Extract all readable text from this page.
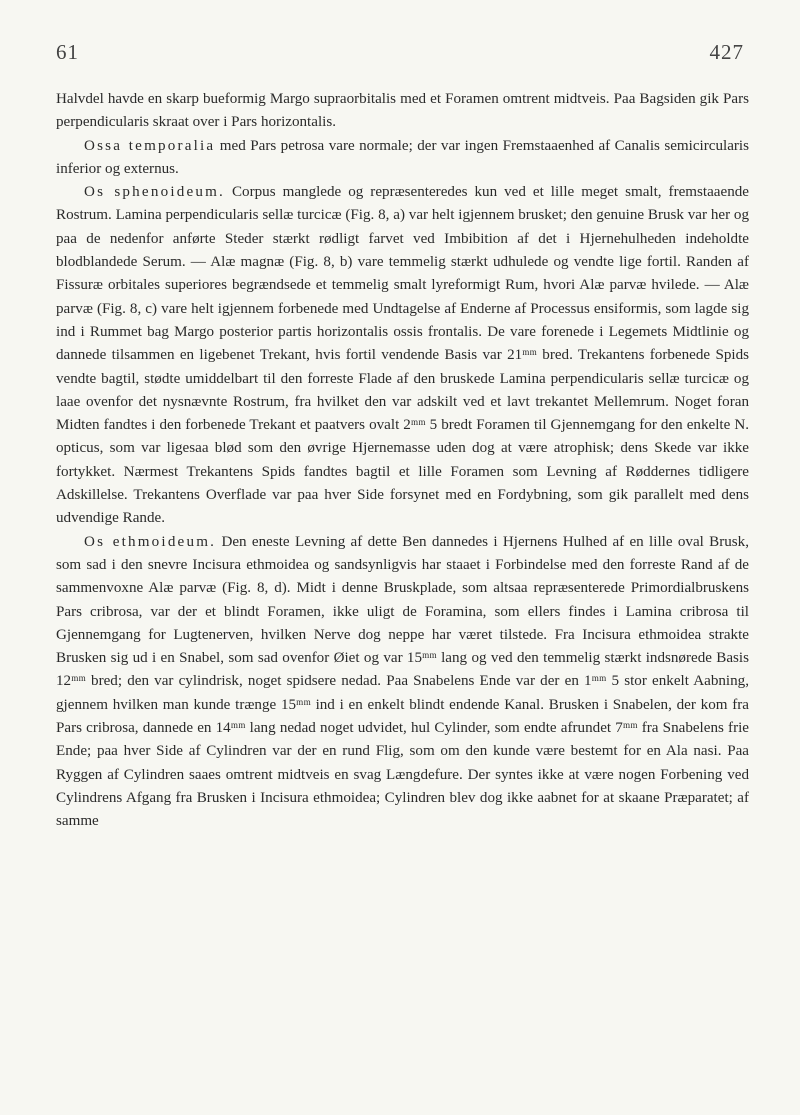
61	427

Halvdel havde en skarp bueformig Margo supraorbitalis med et Foramen omtrent midtveis. Paa Bagsiden gik Pars perpendicularis skraat over i Pars horizontalis.

Ossa temporalia med Pars petrosa vare normale; der var ingen Fremstaaenhed af Canalis semicircularis inferior og externus.

Os sphenoideum. Corpus manglede og repræsenteredes kun ved et lille meget smalt, fremstaaende Rostrum. Lamina perpendicularis sellæ turcicæ (Fig. 8, a) var helt igjennem brusket; den genuine Brusk var her og paa de nedenfor anførte Steder stærkt rødligt farvet ved Imbibition af det i Hjernehulheden indeholdte blodblandede Serum. — Alæ magnæ (Fig. 8, b) vare temmelig stærkt udhulede og vendte lige fortil. Randen af Fissuræ orbitales superiores begrændsede et temmelig smalt lyreformigt Rum, hvori Alæ parvæ hvilede. — Alæ parvæ (Fig. 8, c) vare helt igjennem forbenede med Undtagelse af Enderne af Processus ensiformis, som lagde sig ind i Rummet bag Margo posterior partis horizontalis ossis frontalis. De vare forenede i Legemets Midtlinie og dannede tilsammen en ligebenet Trekant, hvis fortil vendende Basis var 21ᵐᵐ bred. Trekantens forbenede Spids vendte bagtil, stødte umiddelbart til den forreste Flade af den bruskede Lamina perpendicularis sellæ turcicæ og laae ovenfor det nysnævnte Rostrum, fra hvilket den var adskilt ved et lavt trekantet Mellemrum. Noget foran Midten fandtes i den forbenede Trekant et paatvers ovalt 2ᵐᵐ 5 bredt Foramen til Gjennemgang for den enkelte N. opticus, som var ligesaa blød som den øvrige Hjernemasse uden dog at være atrophisk; dens Skede var ikke fortykket. Nærmest Trekantens Spids fandtes bagtil et lille Foramen som Levning af Røddernes tidligere Adskillelse. Trekantens Overflade var paa hver Side forsynet med en Fordybning, som gik parallelt med dens udvendige Rande.

Os ethmoideum. Den eneste Levning af dette Ben dannedes i Hjernens Hulhed af en lille oval Brusk, som sad i den snevre Incisura ethmoidea og sandsynligvis har staaet i Forbindelse med den forreste Rand af de sammenvoxne Alæ parvæ (Fig. 8, d). Midt i denne Bruskplade, som altsaa repræsenterede Primordialbruskens Pars cribrosa, var der et blindt Foramen, ikke uligt de Foramina, som ellers findes i Lamina cribrosa til Gjennemgang for Lugtenerven, hvilken Nerve dog neppe har været tilstede. Fra Incisura ethmoidea strakte Brusken sig ud i en Snabel, som sad ovenfor Øiet og var 15ᵐᵐ lang og ved den temmelig stærkt indsnørede Basis 12ᵐᵐ bred; den var cylindrisk, noget spidsere nedad. Paa Snabelens Ende var der en 1ᵐᵐ 5 stor enkelt Aabning, gjennem hvilken man kunde trænge 15ᵐᵐ ind i en enkelt blindt endende Kanal. Brusken i Snabelen, der kom fra Pars cribrosa, dannede en 14ᵐᵐ lang nedad noget udvidet, hul Cylinder, som endte afrundet 7ᵐᵐ fra Snabelens frie Ende; paa hver Side af Cylindren var der en rund Flig, som om den kunde være bestemt for en Ala nasi. Paa Ryggen af Cylindren saaes omtrent midtveis en svag Længdefure. Der syntes ikke at være nogen Forbening ved Cylindrens Afgang fra Brusken i Incisura ethmoidea; Cylindren blev dog ikke aabnet for at skaane Præparatet; af samme
